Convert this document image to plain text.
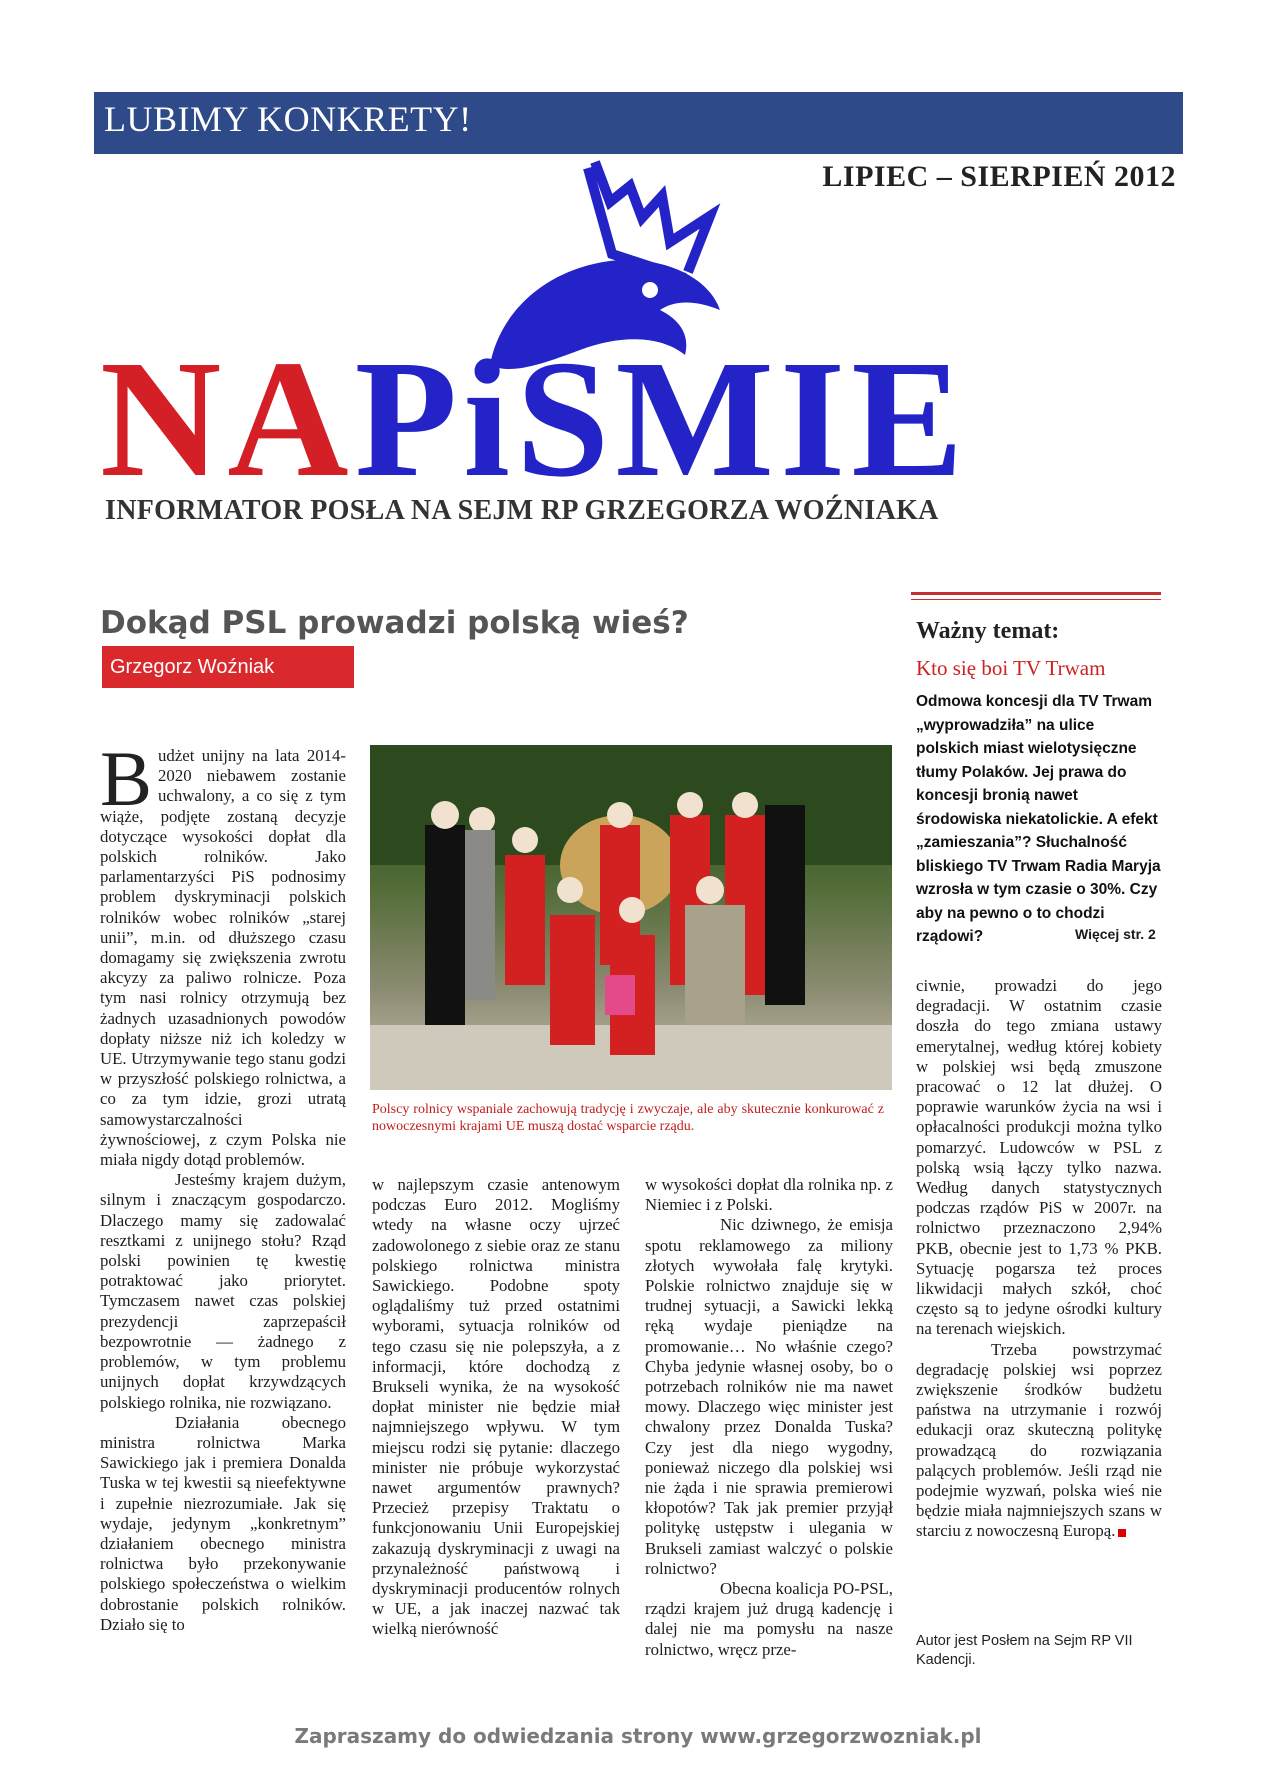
LUBIMY KONKRETY!
LIPIEC – SIERPIEŃ 2012
NAPiŚMIE
INFORMATOR POSŁA NA SEJM RP GRZEGORZA WOŹNIAKA
Dokąd PSL prowadzi polską wieś?
Grzegorz Woźniak
Ważny temat:
Kto się boi TV Trwam
Odmowa koncesji dla TV Trwam „wyprowadziła” na ulice polskich miast wielotysięczne tłumy Polaków. Jej prawa do koncesji bronią nawet środowiska niekatolickie. A efekt „zamieszania”? Słuchalność bliskiego TV Trwam Radia Maryja wzrosła w tym czasie o 30%. Czy aby na pewno o to chodzi rządowi?	Więcej str. 2

Budżet unijny na lata 2014-2020 niebawem zostanie uchwalony, a co się z tym wiąże, podjęte zostaną decyzje dotyczące wysokości dopłat dla polskich rolników. Jako parlamentarzyści PiS podnosimy problem dyskryminacji polskich rolników wobec rolników „starej unii”, m.in. od dłuższego czasu domagamy się zwiększenia zwrotu akcyzy za paliwo rolnicze. Poza tym nasi rolnicy otrzymują bez żadnych uzasadnionych powodów dopłaty niższe niż ich koledzy w UE. Utrzymywanie tego stanu godzi w przyszłość polskiego rolnictwa, a co za tym idzie, grozi utratą samowystarczalności żywnościowej, z czym Polska nie miała nigdy dotąd problemów.

Jesteśmy krajem dużym, silnym i znaczącym gospodarczo. Dlaczego mamy się zadowalać resztkami z unijnego stołu? Rząd polski powinien tę kwestię potraktować jako priorytet. Tymczasem nawet czas polskiej prezydencji zaprzepaścił bezpowrotnie — żadnego z problemów, w tym problemu unijnych dopłat krzywdzących polskiego rolnika, nie rozwiązano.

Działania obecnego ministra rolnictwa Marka Sawickiego jak i premiera Donalda Tuska w tej kwestii są nieefektywne i zupełnie niezrozumiałe. Jak się wydaje, jedynym „konkretnym” działaniem obecnego ministra rolnictwa było przekonywanie polskiego społeczeństwa o wielkim dobrostanie polskich rolników. Działo się to

Polscy rolnicy wspaniale zachowują tradycję i zwyczaje, ale aby skutecznie konkurować z nowoczesnymi krajami UE muszą dostać wsparcie rządu.

w najlepszym czasie antenowym podczas Euro 2012. Mogliśmy wtedy na własne oczy ujrzeć zadowolonego z siebie oraz ze stanu polskiego rolnictwa ministra Sawickiego. Podobne spoty oglądaliśmy tuż przed ostatnimi wyborami, sytuacja rolników od tego czasu się nie polepszyła, a z informacji, które dochodzą z Brukseli wynika, że na wysokość dopłat minister nie będzie miał najmniejszego wpływu. W tym miejscu rodzi się pytanie: dlaczego minister nie próbuje wykorzystać nawet argumentów prawnych? Przecież przepisy Traktatu o funkcjonowaniu Unii Europejskiej zakazują dyskryminacji z uwagi na przynależność państwową i dyskryminacji producentów rolnych w UE, a jak inaczej nazwać tak wielką nierówność

w wysokości dopłat dla rolnika np. z Niemiec i z Polski.

Nic dziwnego, że emisja spotu reklamowego za miliony złotych wywołała falę krytyki. Polskie rolnictwo znajduje się w trudnej sytuacji, a Sawicki lekką ręką wydaje pieniądze na promowanie… No właśnie czego? Chyba jedynie własnej osoby, bo o potrzebach rolników nie ma nawet mowy. Dlaczego więc minister jest chwalony przez Donalda Tuska? Czy jest dla niego wygodny, ponieważ niczego dla polskiej wsi nie żąda i nie sprawia premierowi kłopotów? Tak jak premier przyjął politykę ustępstw i ulegania w Brukseli zamiast walczyć o polskie rolnictwo?

Obecna koalicja PO-PSL, rządzi krajem już drugą kadencję i dalej nie ma pomysłu na nasze rolnictwo, wręcz prze-

ciwnie, prowadzi do jego degradacji. W ostatnim czasie doszła do tego zmiana ustawy emerytalnej, według której kobiety w polskiej wsi będą zmuszone pracować o 12 lat dłużej. O poprawie warunków życia na wsi i opłacalności produkcji można tylko pomarzyć. Ludowców w PSL z polską wsią łączy tylko nazwa. Według danych statystycznych podczas rządów PiS w 2007r. na rolnictwo przeznaczono 2,94% PKB, obecnie jest to 1,73 % PKB. Sytuację pogarsza też proces likwidacji małych szkół, choć często są to jedyne ośrodki kultury na terenach wiejskich.

Trzeba powstrzymać degradację polskiej wsi poprzez zwiększenie środków budżetu państwa na utrzymanie i rozwój edukacji oraz skuteczną politykę prowadzącą do rozwiązania palących problemów. Jeśli rząd nie podejmie wyzwań, polska wieś nie będzie miała najmniejszych szans w starciu z nowoczesną Europą.

Autor jest Posłem na Sejm RP VII Kadencji.
Zapraszamy do odwiedzania strony www.grzegorzwozniak.pl
